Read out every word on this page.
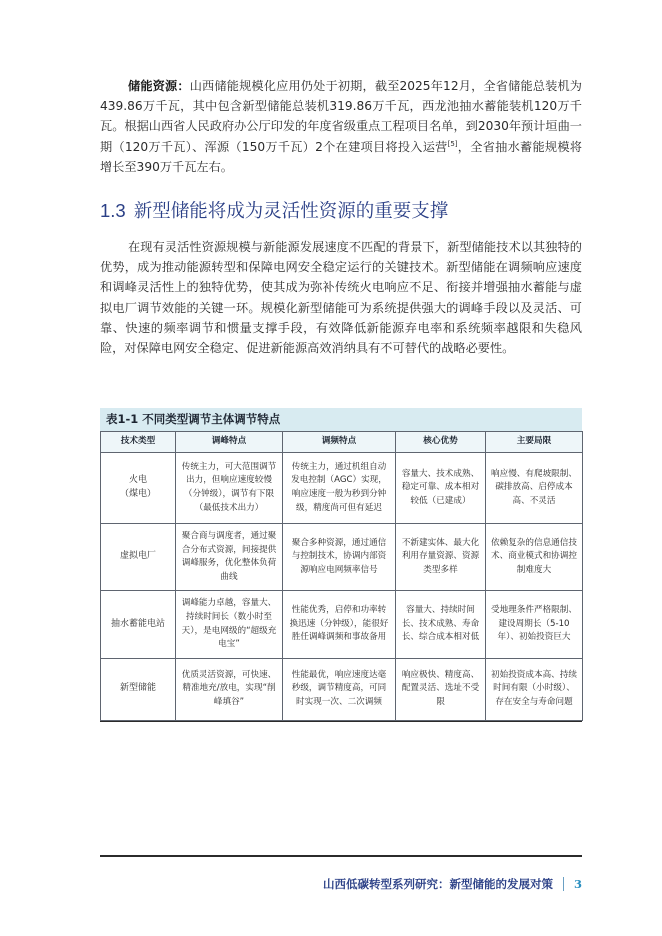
储能资源：山西储能规模化应用仍处于初期，截至2025年12月，全省储能总装机为439.86万千瓦，其中包含新型储能总装机319.86万千瓦，西龙池抽水蓄能装机120万千瓦。根据山西省人民政府办公厅印发的年度省级重点工程项目名单，到2030年预计垣曲一期（120万千瓦）、浑源（150万千瓦）2个在建项目将投入运营[5]，全省抽水蓄能规模将增长至390万千瓦左右。

1.3 新型储能将成为灵活性资源的重要支撑

在现有灵活性资源规模与新能源发展速度不匹配的背景下，新型储能技术以其独特的优势，成为推动能源转型和保障电网安全稳定运行的关键技术。新型储能在调频响应速度和调峰灵活性上的独特优势，使其成为弥补传统火电响应不足、衔接并增强抽水蓄能与虚拟电厂调节效能的关键一环。规模化新型储能可为系统提供强大的调峰手段以及灵活、可靠、快速的频率调节和惯量支撑手段，有效降低新能源弃电率和系统频率越限和失稳风险，对保障电网安全稳定、促进新能源高效消纳具有不可替代的战略必要性。

表1-1 不同类型调节主体调节特点
技术类型	调峰特点	调频特点	核心优势	主要局限
火电
（煤电）	传统主力，可大范围调节出力，但响应速度较慢（分钟级），调节有下限（最低技术出力）	传统主力，通过机组自动发电控制（AGC）实现，响应速度一般为秒到分钟级，精度尚可但有延迟	容量大、技术成熟、稳定可靠、成本相对较低（已建成）	响应慢、有爬坡限制、碳排放高、启停成本高、不灵活
虚拟电厂	聚合商与调度者，通过聚合分布式资源，间接提供调峰服务，优化整体负荷曲线	聚合多种资源，通过通信与控制技术，协调内部资源响应电网频率信号	不新建实体、最大化利用存量资源、资源类型多样	依赖复杂的信息通信技术、商业模式和协调控制难度大
抽水蓄能电站	调峰能力卓越，容量大、持续时间长（数小时至天），是电网级的“超级充电宝”	性能优秀，启停和功率转换迅速（分钟级），能很好胜任调峰调频和事故备用	容量大、持续时间长、技术成熟、寿命长、综合成本相对低	受地理条件严格限制、建设周期长（5-10年）、初始投资巨大
新型储能	优质灵活资源，可快速、精准地充/放电，实现“削峰填谷”	性能最优，响应速度达毫秒级，调节精度高，可同时实现一次、二次调频	响应极快、精度高、配置灵活、选址不受限	初始投资成本高、持续时间有限（小时级）、存在安全与寿命问题
山西低碳转型系列研究：新型储能的发展对策 3
